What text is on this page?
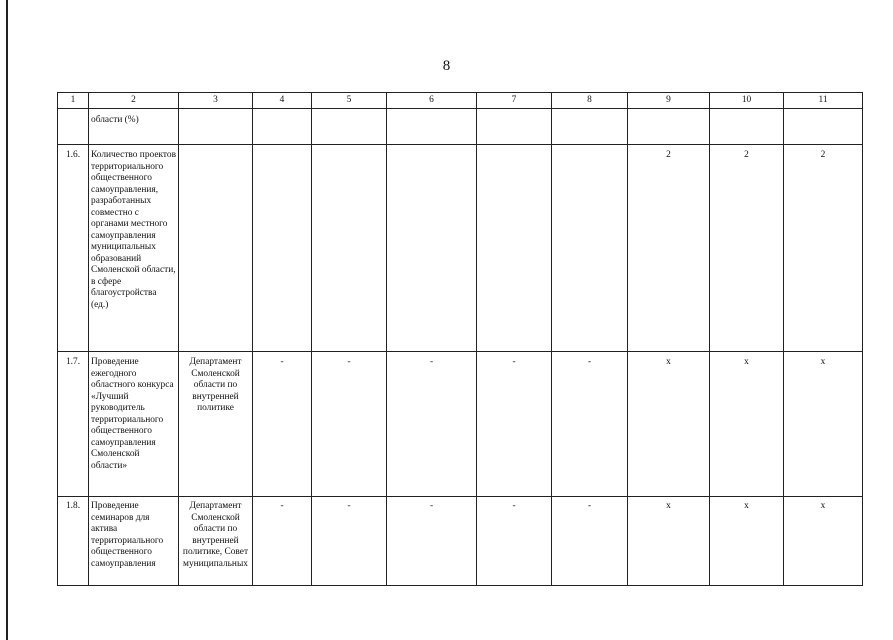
8
1	2	3	4	5	6	7	8	9	10	11
	области (%)									
1.6.	Количество проектов территориального общественного самоуправления, разработанных совместно с органами местного самоуправления муниципальных образований Смоленской области, в сфере благоустройства (ед.)							2	2	2
1.7.	Проведение ежегодного областного конкурса «Лучший руководитель территориального общественного самоуправления Смоленской области»	Департамент Смоленской области по внутренней политике	-	-	-	-	-	x	x	x
1.8.	Проведение семинаров для актива территориального общественного самоуправления	Департамент Смоленской области по внутренней политике, Совет муниципальных	-	-	-	-	-	x	x	x
